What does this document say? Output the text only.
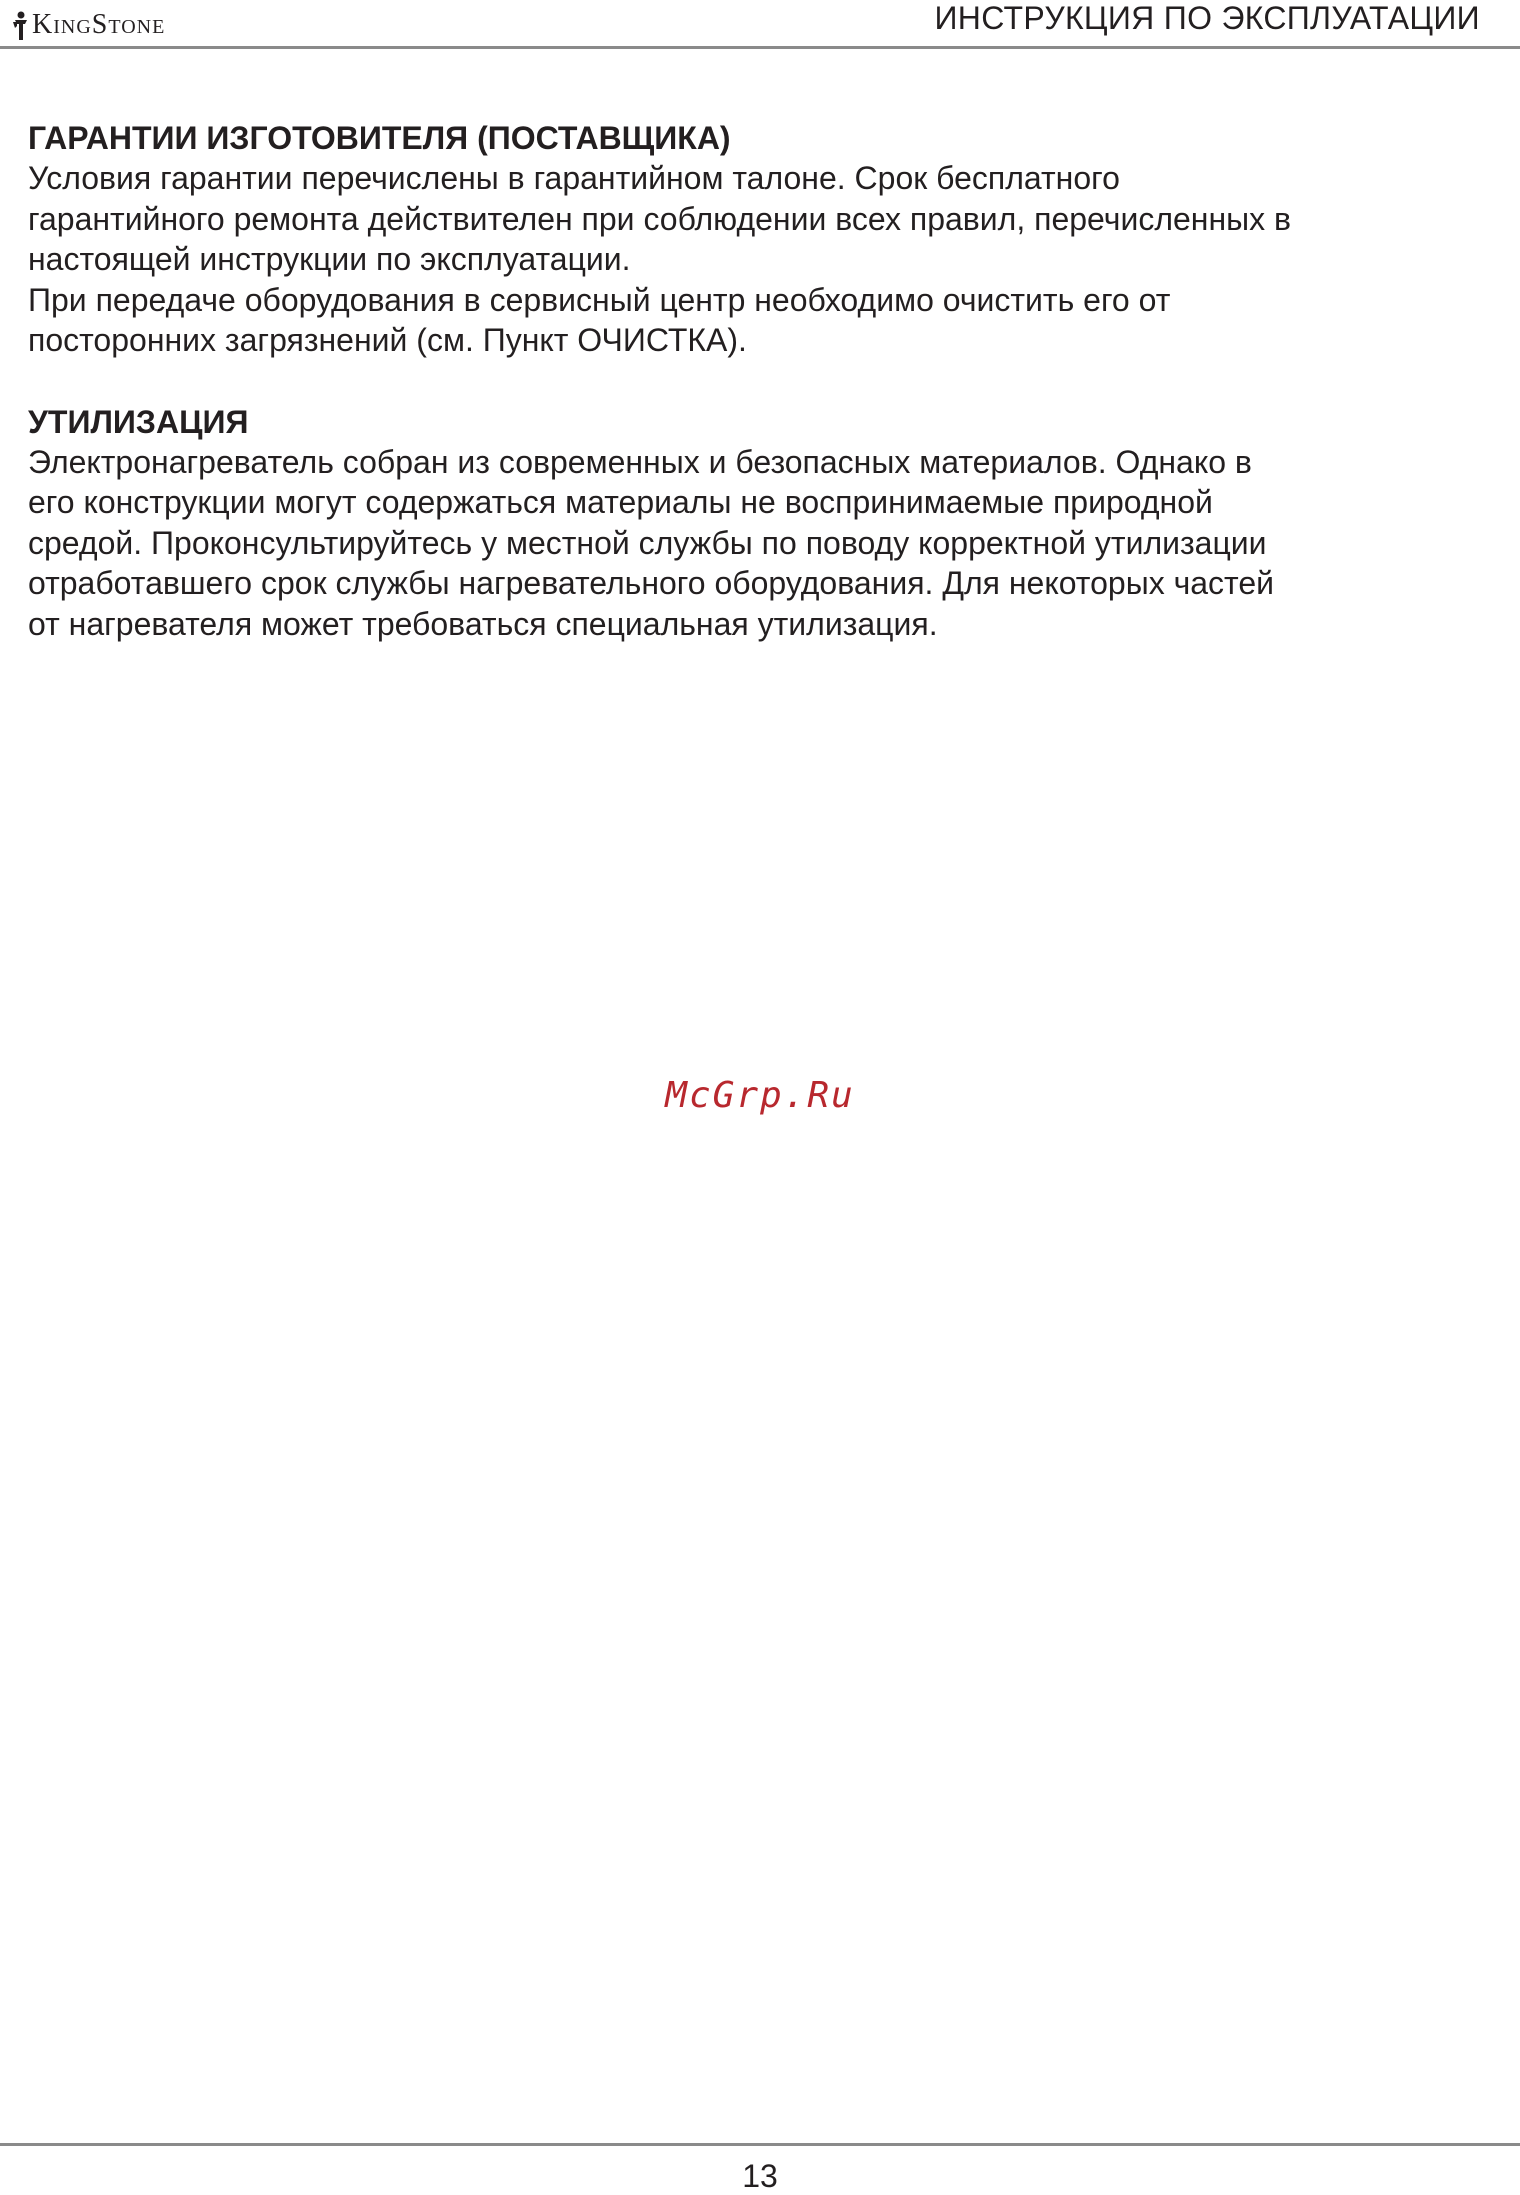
KingStone	ИНСТРУКЦИЯ ПО ЭКСПЛУАТАЦИИ
ГАРАНТИИ ИЗГОТОВИТЕЛЯ (ПОСТАВЩИКА)

Условия гарантии перечислены в гарантийном талоне. Срок бесплатного
гарантийного ремонта действителен при соблюдении всех правил, перечисленных в
настоящей инструкции по эксплуатации.
При передаче оборудования в сервисный центр необходимо очистить его от
посторонних загрязнений (см. Пункт ОЧИСТКА).

УТИЛИЗАЦИЯ

Электронагреватель собран из современных и безопасных материалов. Однако в
его конструкции могут содержаться материалы не воспринимаемые природной
средой. Проконсультируйтесь у местной службы по поводу корректной утилизации
отработавшего срок службы нагревательного оборудования. Для некоторых частей
от нагревателя может требоваться специальная утилизация.

McGrp.Ru
13
